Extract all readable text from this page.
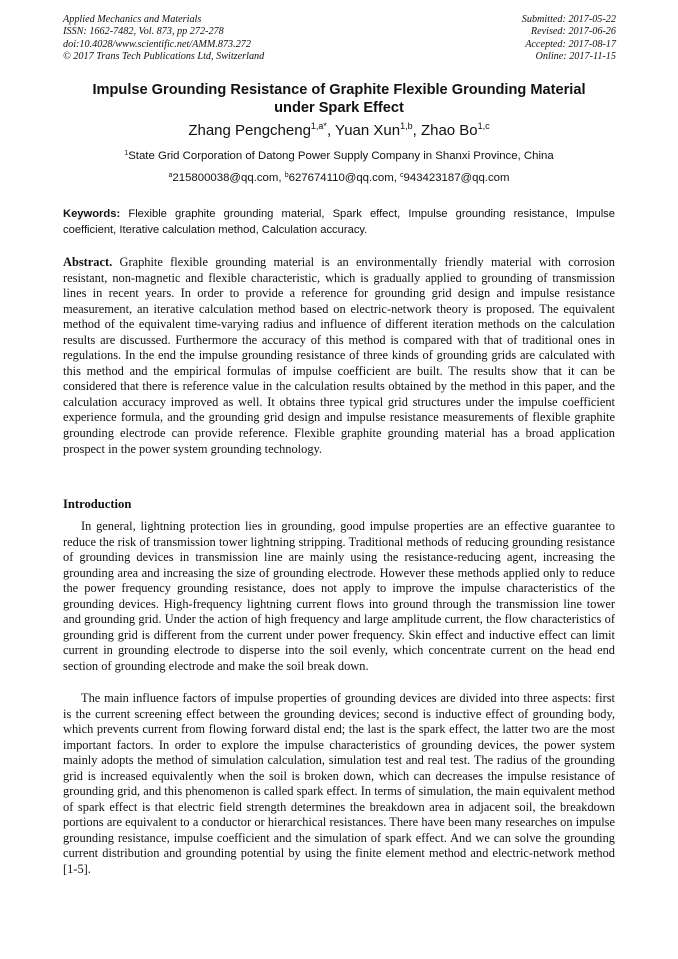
Applied Mechanics and Materials
ISSN: 1662-7482, Vol. 873, pp 272-278
doi:10.4028/www.scientific.net/AMM.873.272
© 2017 Trans Tech Publications Ltd, Switzerland
Submitted: 2017-05-22
Revised: 2017-06-26
Accepted: 2017-08-17
Online: 2017-11-15
Impulse Grounding Resistance of Graphite Flexible Grounding Material
under Spark Effect
Zhang Pengcheng$^{1,a*}$, Yuan Xun$^{1,b}$, Zhao Bo$^{1,c}$
$^1$State Grid Corporation of Datong Power Supply Company in Shanxi Province, China
$^a$215800038@qq.com, $^b$627674110@qq.com, $^c$943423187@qq.com
Keywords: Flexible graphite grounding material, Spark effect, Impulse grounding resistance, Impulse coefficient, Iterative calculation method, Calculation accuracy.
Abstract. Graphite flexible grounding material is an environmentally friendly material with corrosion resistant, non-magnetic and flexible characteristic, which is gradually applied to grounding of transmission lines in recent years. In order to provide a reference for grounding grid design and impulse resistance measurement, an iterative calculation method based on electric-network theory is proposed. The equivalent method of the equivalent time-varying radius and influence of different iteration methods on the calculation results are discussed. Furthermore the accuracy of this method is compared with that of traditional ones in regulations. In the end the impulse grounding resistance of three kinds of grounding grids are calculated with this method and the empirical formulas of impulse coefficient are built. The results show that it can be considered that there is reference value in the calculation results obtained by the method in this paper, and the calculation accuracy improved as well. It obtains three typical grid structures under the impulse coefficient experience formula, and the grounding grid design and impulse resistance measurements of flexible graphite grounding electrode can provide reference. Flexible graphite grounding material has a broad application prospect in the power system grounding technology.
Introduction

In general, lightning protection lies in grounding, good impulse properties are an effective guarantee to reduce the risk of transmission tower lightning stripping. Traditional methods of reducing grounding resistance of grounding devices in transmission line are mainly using the resistance-reducing agent, increasing the grounding area and increasing the size of grounding electrode. However these methods applied only to reduce the power frequency grounding resistance, does not apply to improve the impulse characteristics of the grounding devices. High-frequency lightning current flows into ground through the transmission line tower and grounding grid. Under the action of high frequency and large amplitude current, the flow characteristics of grounding grid is different from the current under power frequency. Skin effect and inductive effect can limit current in grounding electrode to disperse into the soil evenly, which concentrate current on the head end section of grounding electrode and make the soil break down.

The main influence factors of impulse properties of grounding devices are divided into three aspects: first is the current screening effect between the grounding devices; second is inductive effect of grounding body, which prevents current from flowing forward distal end; the last is the spark effect, the latter two are the most important factors. In order to explore the impulse characteristics of grounding devices, the power system mainly adopts the method of simulation calculation, simulation test and real test. The radius of the grounding grid is increased equivalently when the soil is broken down, which can decreases the impulse resistance of grounding grid, and this phenomenon is called spark effect. In terms of simulation, the main equivalent method of spark effect is that electric field strength determines the breakdown area in adjacent soil, the breakdown portions are equivalent to a conductor or hierarchical resistances. There have been many researches on impulse grounding resistance, impulse coefficient and the simulation of spark effect. And we can solve the grounding current distribution and grounding potential by using the finite element method and electric-network method [1-5].
